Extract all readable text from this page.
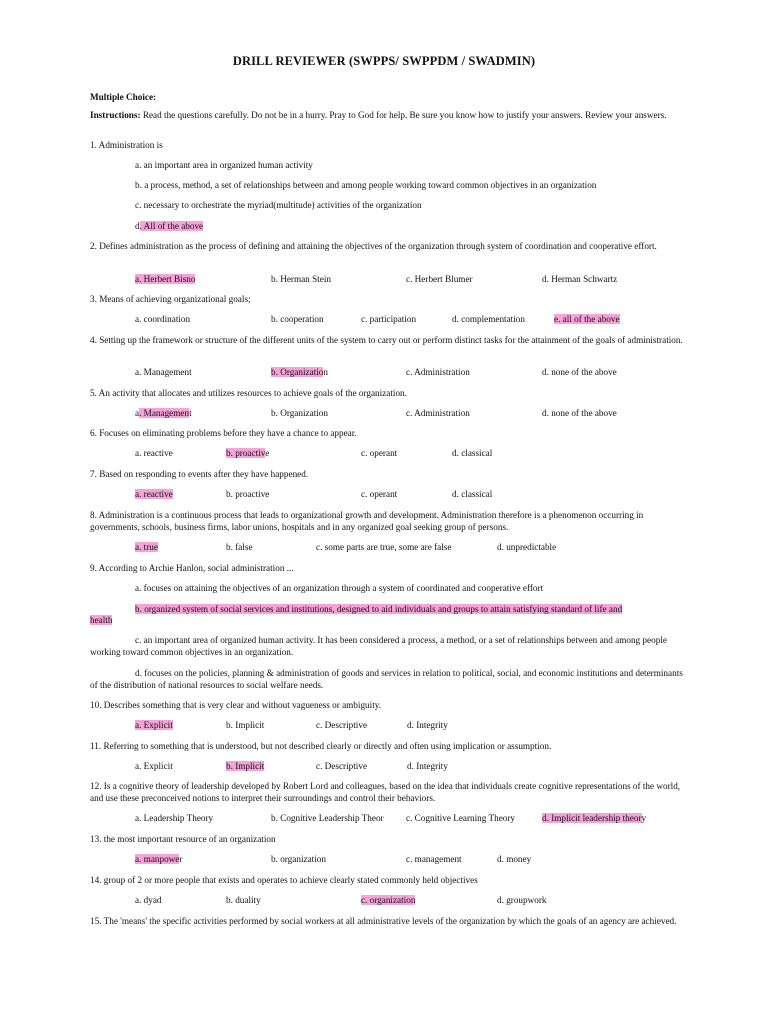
DRILL REVIEWER (SWPPS/ SWPPDM / SWADMIN)
Multiple Choice:
Instructions: Read the questions carefully. Do not be in a hurry. Pray to God for help. Be sure you know how to justify your answers. Review your answers.
1. Administration is
a. an important area in organized human activity
b. a process, method, a set of relationships between and among people working toward common objectives in an organization
c. necessary to orchestrate the myriad(multitude) activities of the organization
d. All of the above
2. Defines administration as the process of defining and attaining the objectives of the organization through system of coordination and cooperative effort.
a. Herbert Bisno	b. Herman Stein	c. Herbert Blumer	d. Herman Schwartz
3. Means of achieving organizational goals;
a. coordination	b. cooperation	c. participation	d. complementation	e. all of the above
4. Setting up the framework or structure of the different units of the system to carry out or perform distinct tasks for the attainment of the goals of administration.
a. Management	b. Organization	c. Administration	d. none of the above
5. An activity that allocates and utilizes resources to achieve goals of the organization.
a. Management	b. Organization	c. Administration	d. none of the above
6. Focuses on eliminating problems before they have a chance to appear.
a. reactive	b. proactive	c. operant	d. classical
7. Based on responding to events after they have happened.
a. reactive	b. proactive	c. operant	d. classical
8. Administration is a continuous process that leads to organizational growth and development. Administration therefore is a phenomenon occurring in governments, schools, business firms, labor unions, hospitals and in any organized goal seeking group of persons.
a. true	b. false	c. some parts are true, some are false	d. unpredictable
9. According to Archie Hanlon, social administration ...
a. focuses on attaining the objectives of an organization through a system of coordinated and cooperative effort
b. organized system of social services and institutions, designed to aid individuals and groups to attain satisfying standard of life and
health
c. an important area of organized human activity. It has been considered a process, a method, or a set of relationships between and among people working toward common objectives in an organization.
d. focuses on the policies, planning & administration of goods and services in relation to political, social, and economic institutions and determinants of the distribution of national resources to social welfare needs.
10. Describes something that is very clear and without vagueness or ambiguity.
a. Explicit	b. Implicit	c. Descriptive	d. Integrity
11. Referring to something that is understood, but not described clearly or directly and often using implication or assumption.
a. Explicit	b. Implicit	c. Descriptive	d. Integrity
12. Is a cognitive theory of leadership developed by Robert Lord and colleagues, based on the idea that individuals create cognitive representations of the world, and use these preconceived notions to interpret their surroundings and control their behaviors.
a. Leadership Theory	b. Cognitive Leadership Theor c. Cognitive Learning Theory	d. Implicit leadership theory
13. the most important resource of an organization
a. manpower	b. organization	c. management	d. money
14. group of 2 or more people that exists and operates to achieve clearly stated commonly held objectives
a. dyad	b. duality	c. organization	d. groupwork
15. The 'means' the specific activities performed by social workers at all administrative levels of the organization by which the goals of an agency are achieved.
